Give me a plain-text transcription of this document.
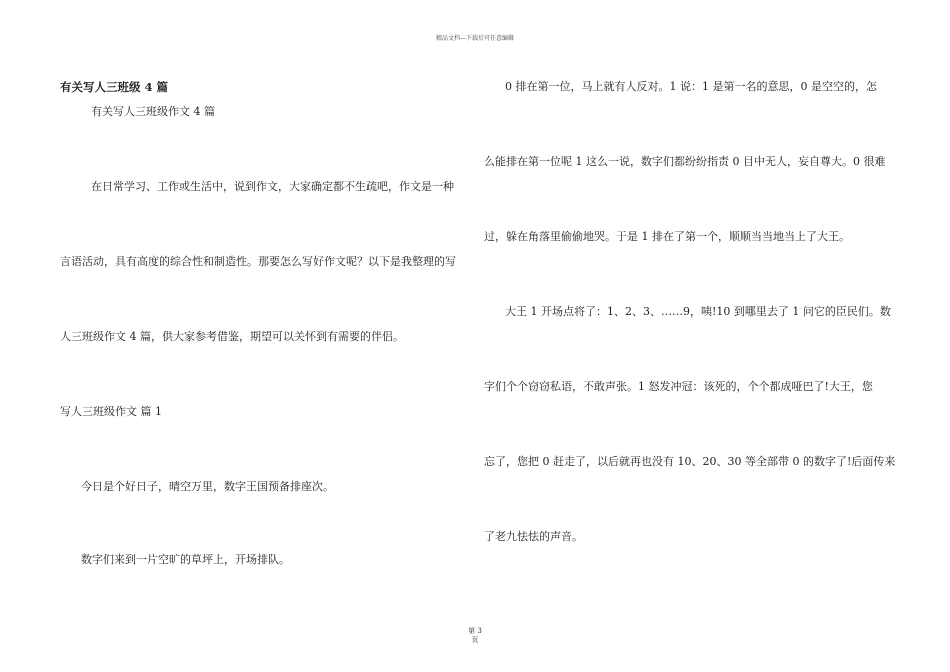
精品文档---下载后可任意编辑
有关写人三班级 4 篇
有关写人三班级作文 4 篇
在日常学习、工作或生活中，说到作文，大家确定都不生疏吧，作文是一种
言语活动，具有高度的综合性和制造性。那要怎么写好作文呢？以下是我整理的写
人三班级作文 4 篇，供大家参考借鉴，期望可以关怀到有需要的伴侣。
写人三班级作文 篇 1
今日是个好日子，晴空万里，数字王国预备排座次。
数字们来到一片空旷的草坪上，开场排队。
0 排在第一位，马上就有人反对。1 说：1 是第一名的意思，0 是空空的，怎
么能排在第一位呢 1 这么一说，数字们都纷纷指责 0 目中无人，妄自尊大。0 很难
过，躲在角落里偷偷地哭。于是 1 排在了第一个，顺顺当当地当上了大王。
大王 1 开场点将了：1、2、3、……9，咦!10 到哪里去了 1 问它的臣民们。数
字们个个窃窃私语，不敢声张。1 怒发冲冠：该死的，个个都成哑巴了!大王，您
忘了，您把 0 赶走了，以后就再也没有 10、20、30 等全部带 0 的数字了!后面传来
了老九怯怯的声音。
第 3
页
